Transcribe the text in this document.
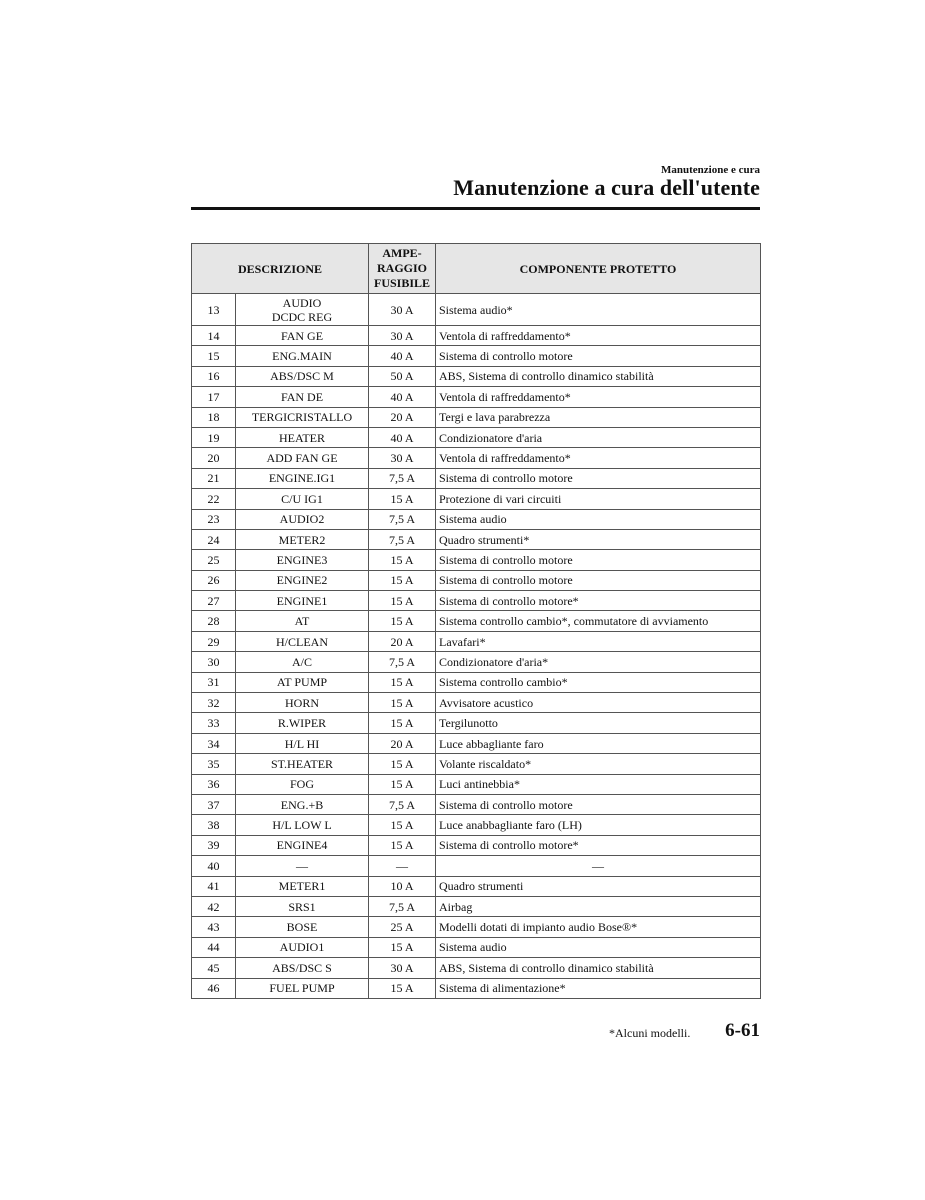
Manutenzione e cura
Manutenzione a cura dell'utente
DESCRIZIONE		AMPE-
RAGGIO
FUSIBILE	COMPONENTE PROTETTO
13	AUDIO
DCDC REG	30 A	Sistema audio*
14	FAN GE	30 A	Ventola di raffreddamento*
15	ENG.MAIN	40 A	Sistema di controllo motore
16	ABS/DSC M	50 A	ABS, Sistema di controllo dinamico stabilità
17	FAN DE	40 A	Ventola di raffreddamento*
18	TERGICRISTALLO	20 A	Tergi e lava parabrezza
19	HEATER	40 A	Condizionatore d'aria
20	ADD FAN GE	30 A	Ventola di raffreddamento*
21	ENGINE.IG1	7,5 A	Sistema di controllo motore
22	C/U IG1	15 A	Protezione di vari circuiti
23	AUDIO2	7,5 A	Sistema audio
24	METER2	7,5 A	Quadro strumenti*
25	ENGINE3	15 A	Sistema di controllo motore
26	ENGINE2	15 A	Sistema di controllo motore
27	ENGINE1	15 A	Sistema di controllo motore*
28	AT	15 A	Sistema controllo cambio*, commutatore di avviamento
29	H/CLEAN	20 A	Lavafari*
30	A/C	7,5 A	Condizionatore d'aria*
31	AT PUMP	15 A	Sistema controllo cambio*
32	HORN	15 A	Avvisatore acustico
33	R.WIPER	15 A	Tergilunotto
34	H/L HI	20 A	Luce abbagliante faro
35	ST.HEATER	15 A	Volante riscaldato*
36	FOG	15 A	Luci antinebbia*
37	ENG.+B	7,5 A	Sistema di controllo motore
38	H/L LOW L	15 A	Luce anabbagliante faro (LH)
39	ENGINE4	15 A	Sistema di controllo motore*
40	—	—	—
41	METER1	10 A	Quadro strumenti
42	SRS1	7,5 A	Airbag
43	BOSE	25 A	Modelli dotati di impianto audio Bose®*
44	AUDIO1	15 A	Sistema audio
45	ABS/DSC S	30 A	ABS, Sistema di controllo dinamico stabilità
46	FUEL PUMP	15 A	Sistema di alimentazione*
*Alcuni modelli. 6-61
